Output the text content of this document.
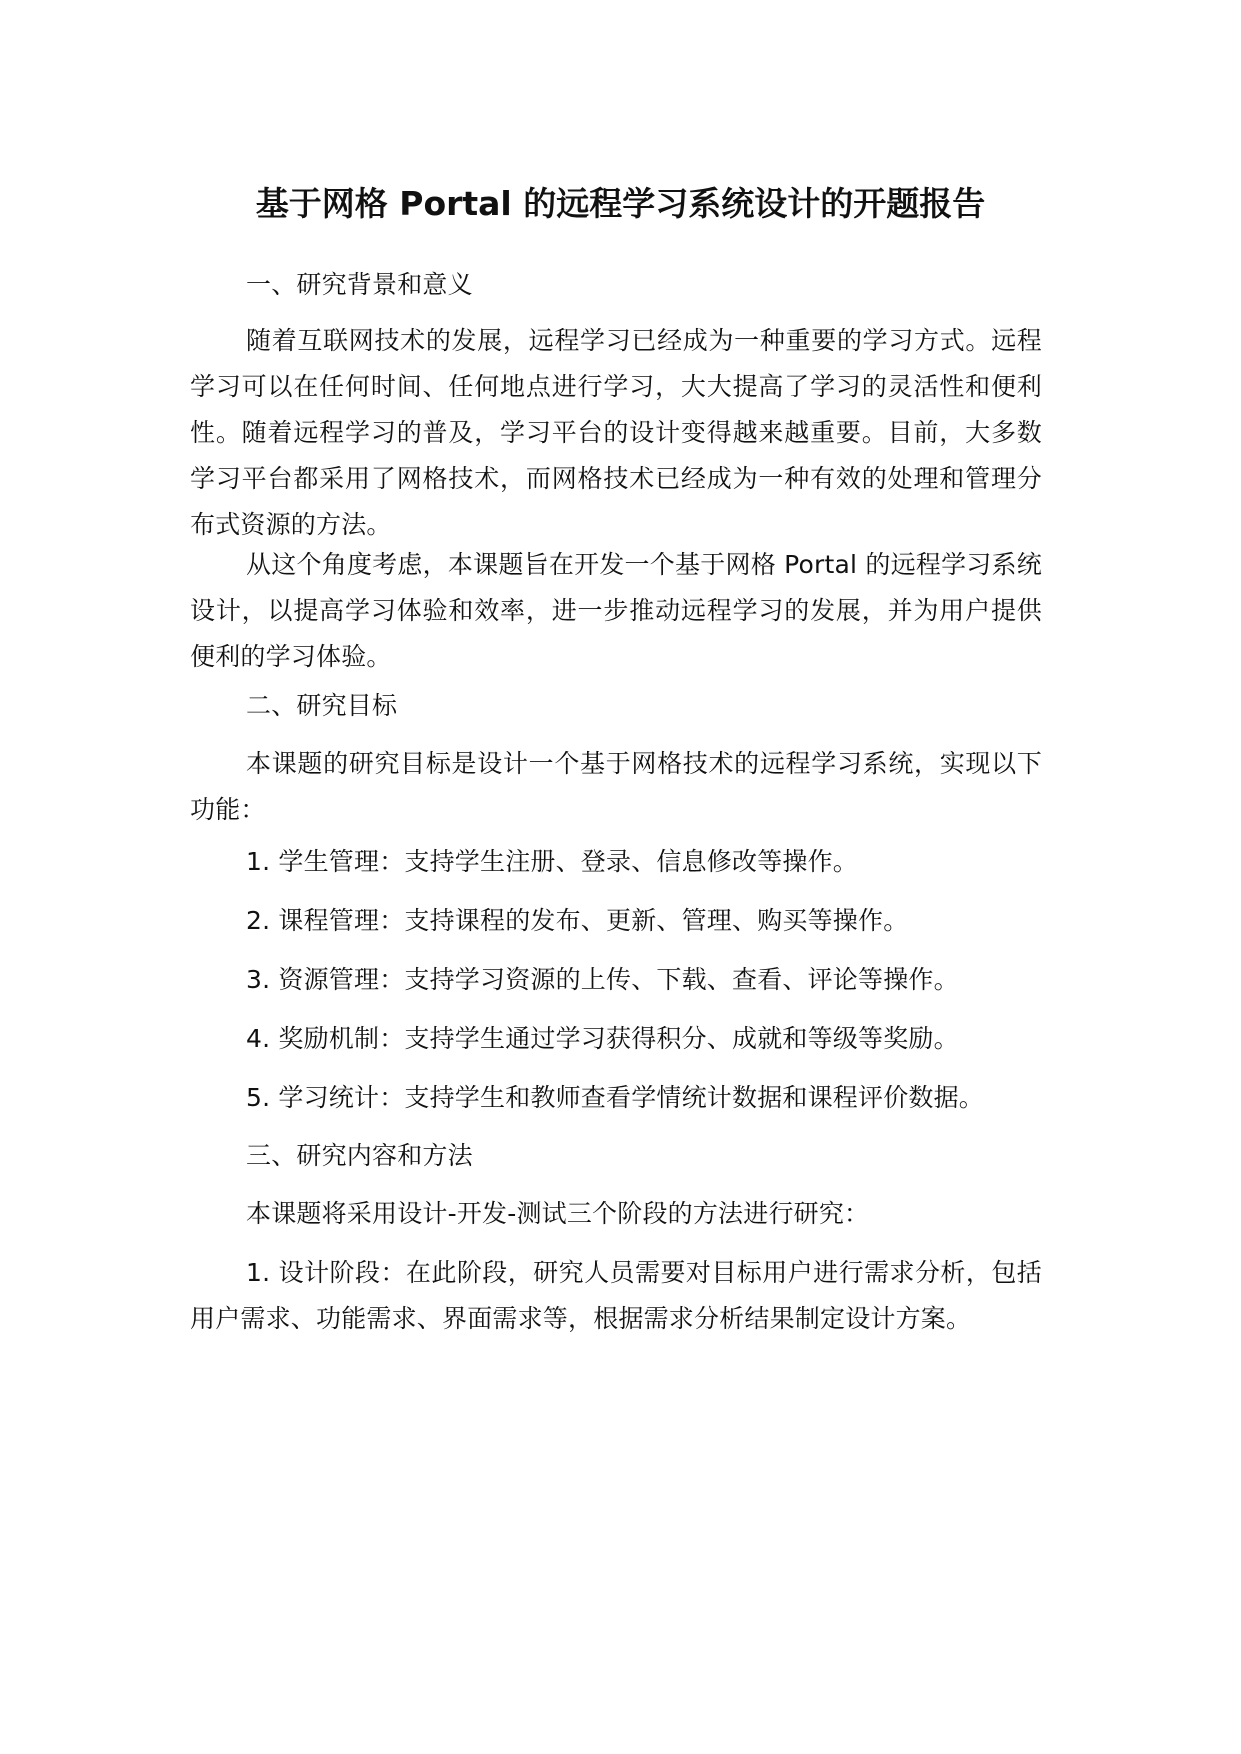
基于网格 Portal 的远程学习系统设计的开题报告

一、研究背景和意义

随着互联网技术的发展，远程学习已经成为一种重要的学习方式。远程学习可以在任何时间、任何地点进行学习，大大提高了学习的灵活性和便利性。随着远程学习的普及，学习平台的设计变得越来越重要。目前，大多数学习平台都采用了网格技术，而网格技术已经成为一种有效的处理和管理分布式资源的方法。

从这个角度考虑，本课题旨在开发一个基于网格 Portal 的远程学习系统设计，以提高学习体验和效率，进一步推动远程学习的发展，并为用户提供便利的学习体验。

二、研究目标

本课题的研究目标是设计一个基于网格技术的远程学习系统，实现以下功能：

1. 学生管理：支持学生注册、登录、信息修改等操作。

2. 课程管理：支持课程的发布、更新、管理、购买等操作。

3. 资源管理：支持学习资源的上传、下载、查看、评论等操作。

4. 奖励机制：支持学生通过学习获得积分、成就和等级等奖励。

5. 学习统计：支持学生和教师查看学情统计数据和课程评价数据。

三、研究内容和方法

本课题将采用设计-开发-测试三个阶段的方法进行研究：

1. 设计阶段：在此阶段，研究人员需要对目标用户进行需求分析，包括用户需求、功能需求、界面需求等，根据需求分析结果制定设计方案。
